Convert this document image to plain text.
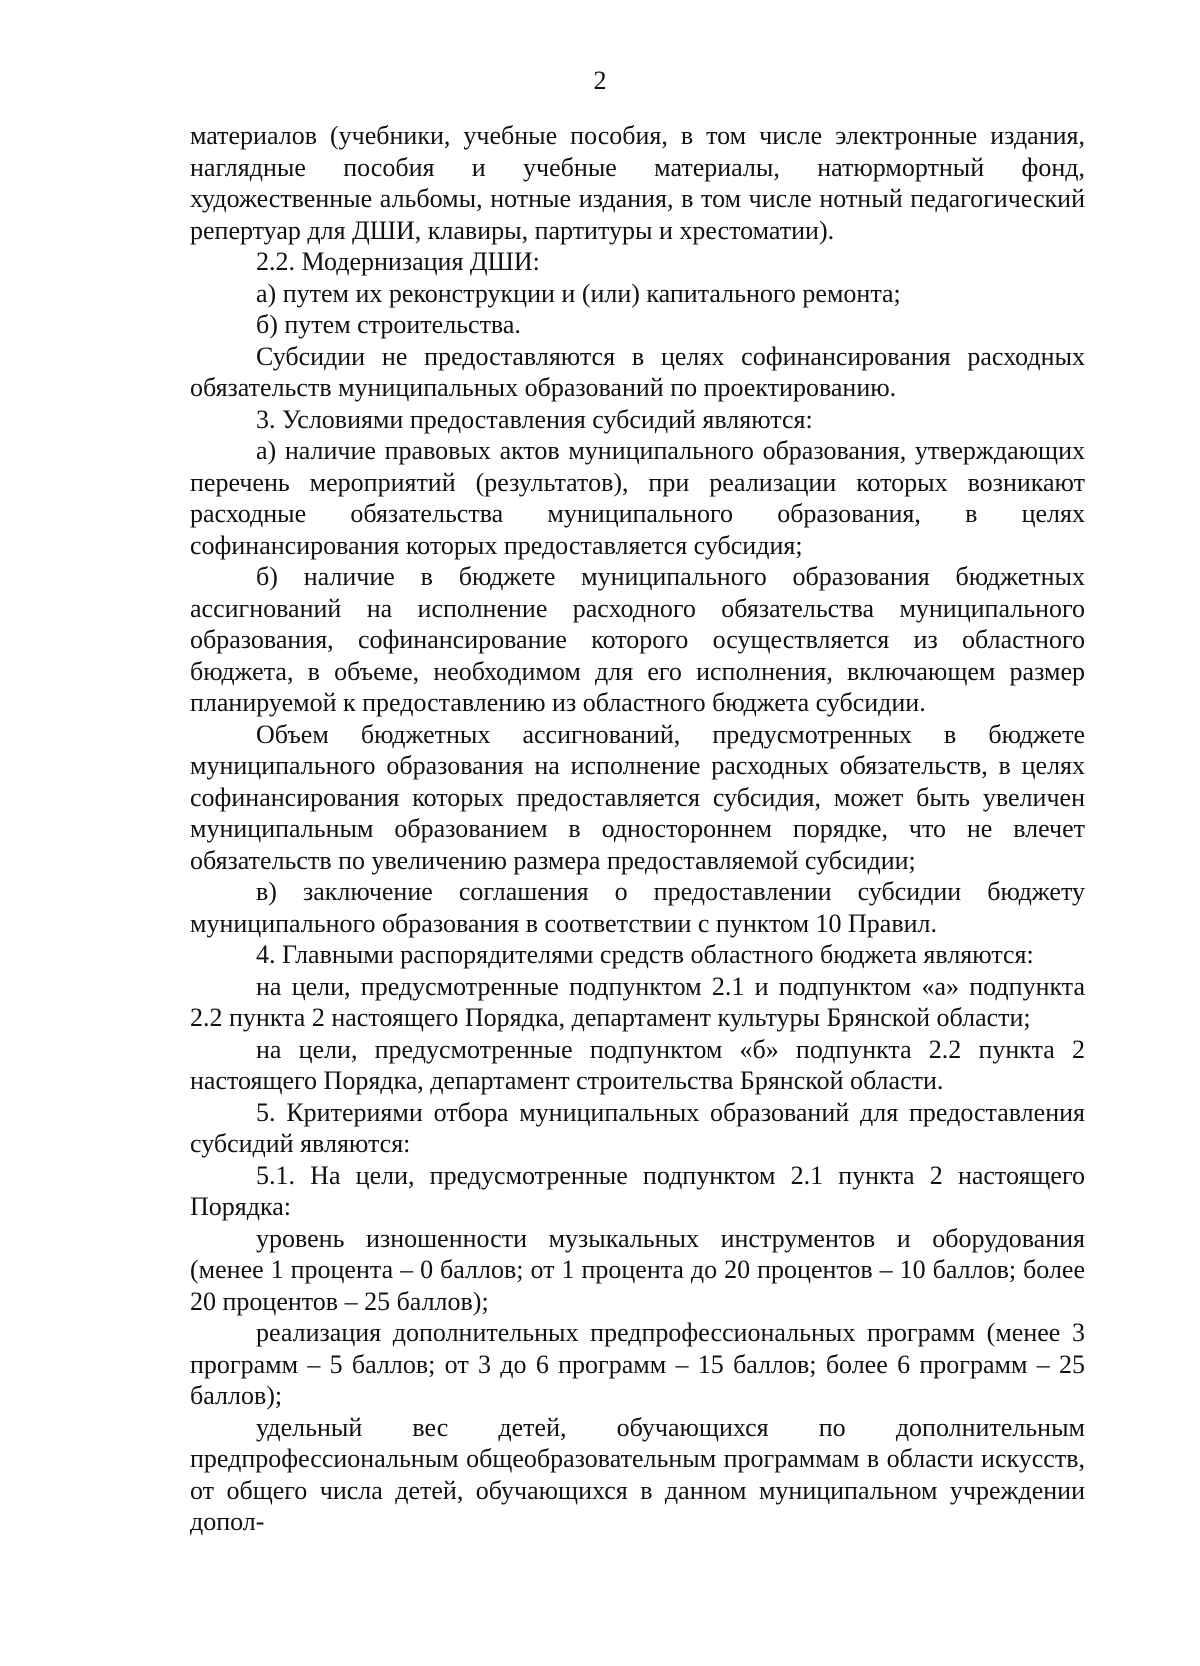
2

материалов (учебники, учебные пособия, в том числе электронные издания, наглядные пособия и учебные материалы, натюрмортный фонд, художественные альбомы, нотные издания, в том числе нотный педагогический репертуар для ДШИ, клавиры, партитуры и хрестоматии).

2.2. Модернизация ДШИ:

а) путем их реконструкции и (или) капитального ремонта;

б) путем строительства.

Субсидии не предоставляются в целях софинансирования расходных обязательств муниципальных образований по проектированию.

3. Условиями предоставления субсидий являются:

а) наличие правовых актов муниципального образования, утверждающих перечень мероприятий (результатов), при реализации которых возникают расходные обязательства муниципального образования, в целях софинансирования которых предоставляется субсидия;

б) наличие в бюджете муниципального образования бюджетных ассигнований на исполнение расходного обязательства муниципального образования, софинансирование которого осуществляется из областного бюджета, в объеме, необходимом для его исполнения, включающем размер планируемой к предоставлению из областного бюджета субсидии.

Объем бюджетных ассигнований, предусмотренных в бюджете муниципального образования на исполнение расходных обязательств, в целях софинансирования которых предоставляется субсидия, может быть увеличен муниципальным образованием в одностороннем порядке, что не влечет обязательств по увеличению размера предоставляемой субсидии;

в) заключение соглашения о предоставлении субсидии бюджету муниципального образования в соответствии с пунктом 10 Правил.

4. Главными распорядителями средств областного бюджета являются:

на цели, предусмотренные подпунктом 2.1 и подпунктом «а» подпункта 2.2 пункта 2 настоящего Порядка, департамент культуры Брянской области;

на цели, предусмотренные подпунктом «б» подпункта 2.2 пункта 2 настоящего Порядка, департамент строительства Брянской области.

5. Критериями отбора муниципальных образований для предоставления субсидий являются:

5.1. На цели, предусмотренные подпунктом 2.1 пункта 2 настоящего Порядка:

уровень изношенности музыкальных инструментов и оборудования (менее 1 процента – 0 баллов; от 1 процента до 20 процентов – 10 баллов; более 20 процентов – 25 баллов);

реализация дополнительных предпрофессиональных программ (менее 3 программ – 5 баллов; от 3 до 6 программ – 15 баллов; более 6 программ – 25 баллов);

удельный вес детей, обучающихся по дополнительным предпрофессиональным общеобразовательным программам в области искусств, от общего числа детей, обучающихся в данном муниципальном учреждении допол-
